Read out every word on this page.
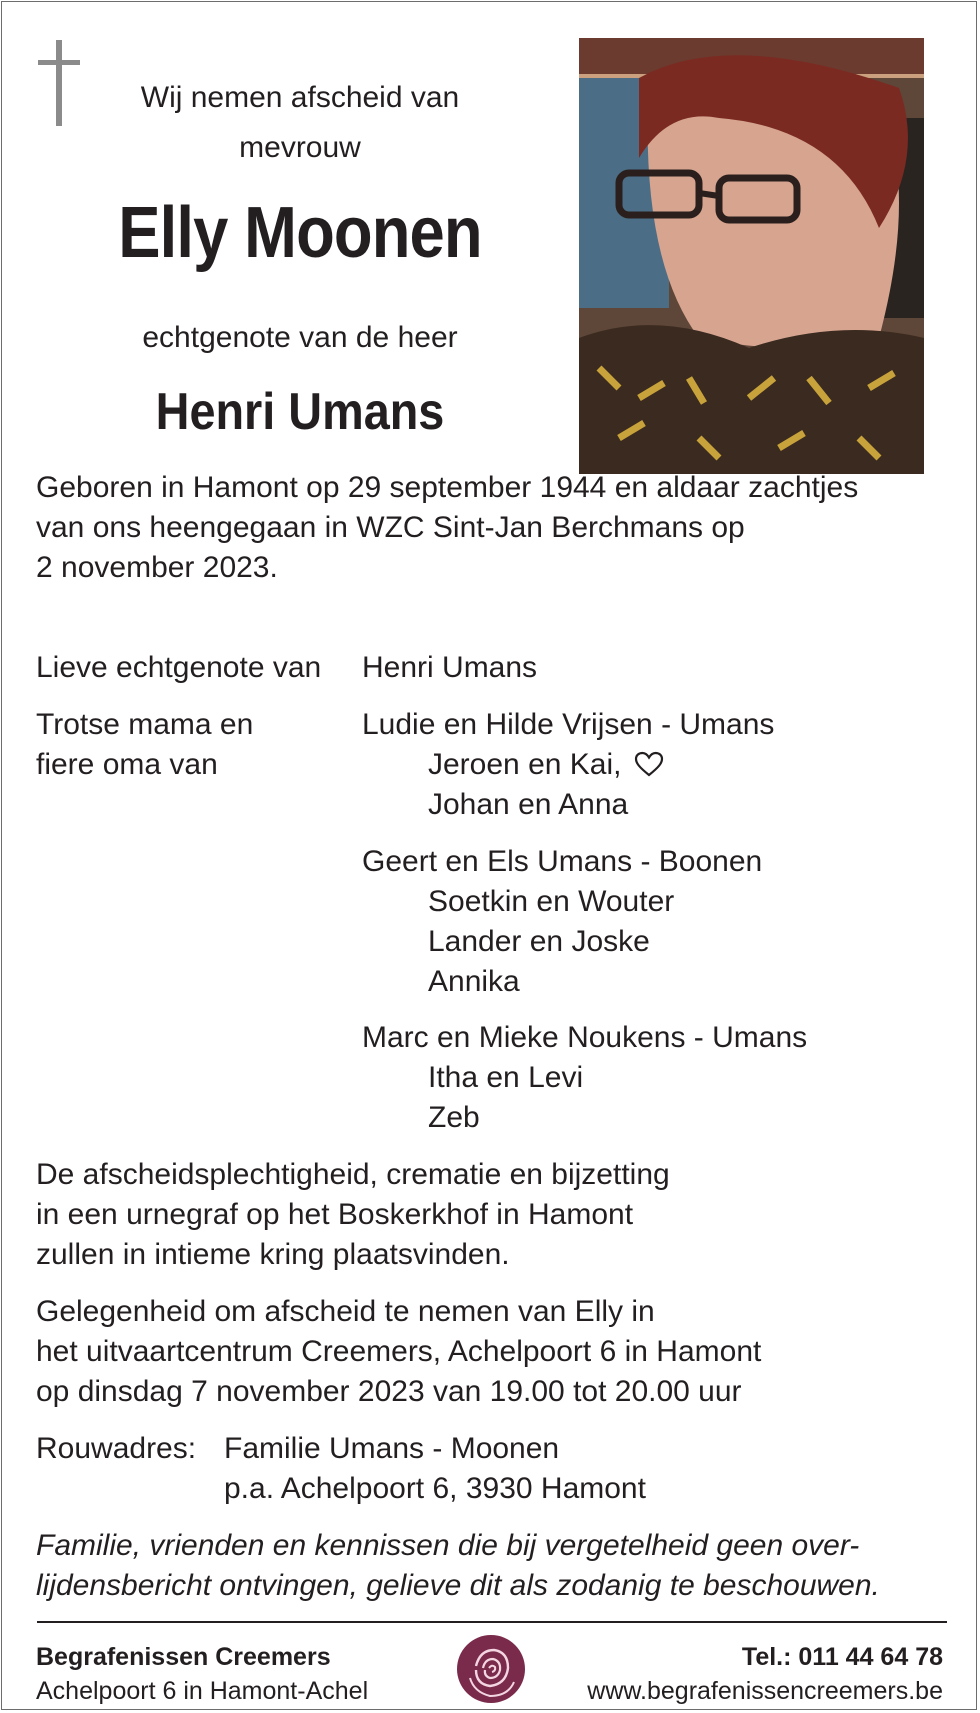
Wij nemen afscheid van
mevrouw
Elly Moonen
echtgenote van de heer
Henri Umans
Geboren in Hamont op 29 september 1944 en aldaar zachtjes
van ons heengegaan in WZC Sint-Jan Berchmans op
2 november 2023.
Lieve echtgenote van Henri Umans
Trotse mama en
fiere oma van
Ludie en Hilde Vrijsen - Umans
Jeroen en Kai,
Johan en Anna
Geert en Els Umans - Boonen
Soetkin en Wouter
Lander en Joske
Annika
Marc en Mieke Noukens - Umans
Itha en Levi
Zeb
De afscheidsplechtigheid, crematie en bijzetting
in een urnegraf op het Boskerkhof in Hamont
zullen in intieme kring plaatsvinden.
Gelegenheid om afscheid te nemen van Elly in
het uitvaartcentrum Creemers, Achelpoort 6 in Hamont
op dinsdag 7 november 2023 van 19.00 tot 20.00 uur
Rouwadres: Familie Umans - Moonen
p.a. Achelpoort 6, 3930 Hamont
Familie, vrienden en kennissen die bij vergetelheid geen over-
lijdensbericht ontvingen, gelieve dit als zodanig te beschouwen.
Begrafenissen Creemers
Achelpoort 6 in Hamont-Achel
Tel.: 011 44 64 78
www.begrafenissencreemers.be
